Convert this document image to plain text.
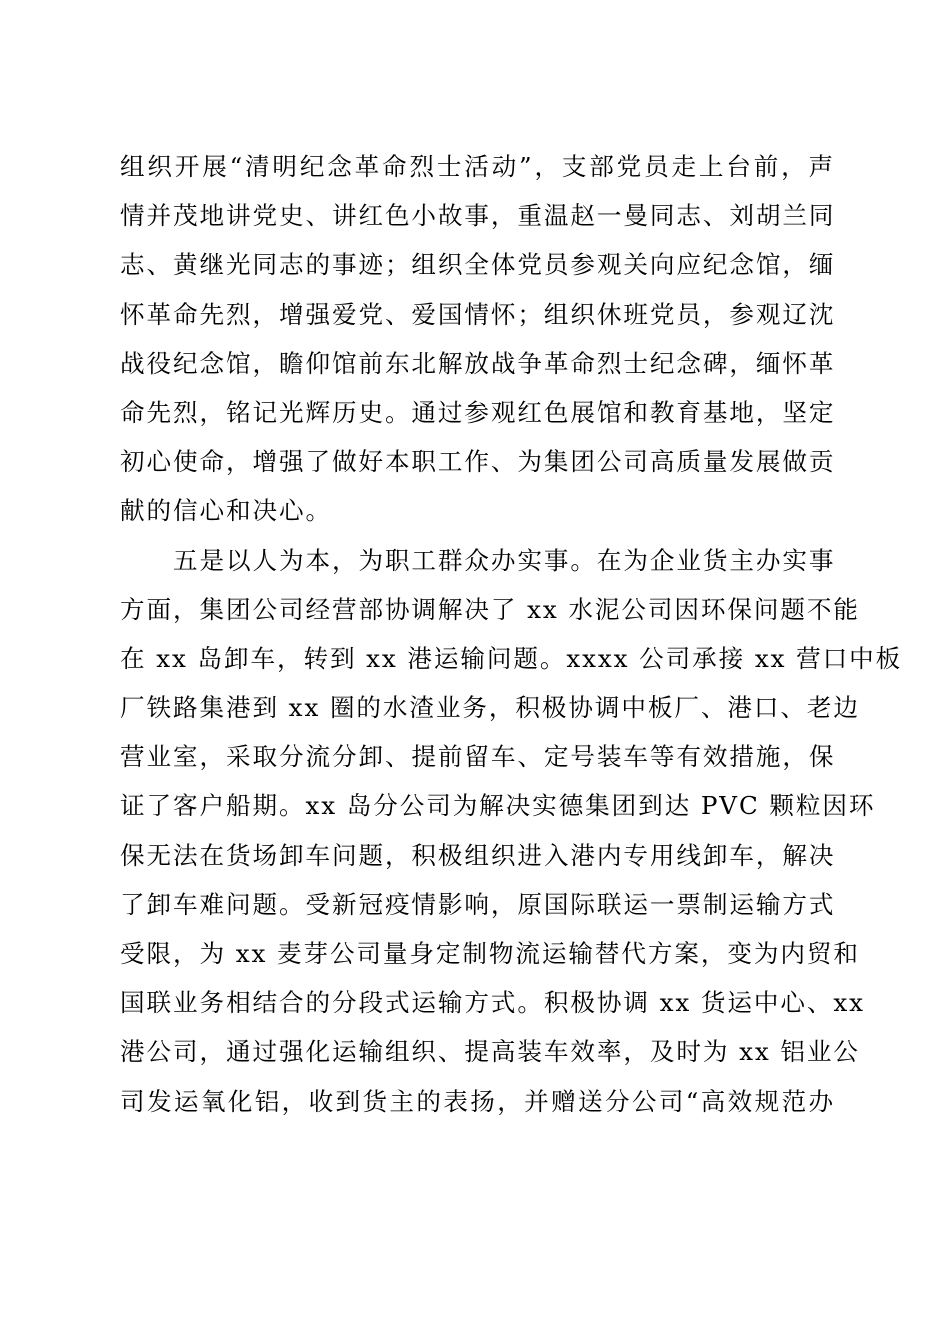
组织开展“清明纪念革命烈士活动”，支部党员走上台前，声
情并茂地讲党史、讲红色小故事，重温赵一曼同志、刘胡兰同
志、黄继光同志的事迹；组织全体党员参观关向应纪念馆，缅
怀革命先烈，增强爱党、爱国情怀；组织休班党员，参观辽沈
战役纪念馆，瞻仰馆前东北解放战争革命烈士纪念碑，缅怀革
命先烈，铭记光辉历史。通过参观红色展馆和教育基地，坚定
初心使命，增强了做好本职工作、为集团公司高质量发展做贡
献的信心和决心。
　　五是以人为本，为职工群众办实事。在为企业货主办实事
方面，集团公司经营部协调解决了 xx 水泥公司因环保问题不能
在 xx 岛卸车，转到 xx 港运输问题。xxxx 公司承接 xx 营口中板
厂铁路集港到 xx 圈的水渣业务，积极协调中板厂、港口、老边
营业室，采取分流分卸、提前留车、定号装车等有效措施，保
证了客户船期。xx 岛分公司为解决实德集团到达 PVC 颗粒因环
保无法在货场卸车问题，积极组织进入港内专用线卸车，解决
了卸车难问题。受新冠疫情影响，原国际联运一票制运输方式
受限，为 xx 麦芽公司量身定制物流运输替代方案，变为内贸和
国联业务相结合的分段式运输方式。积极协调 xx 货运中心、xx
港公司，通过强化运输组织、提高装车效率，及时为 xx 铝业公
司发运氧化铝，收到货主的表扬，并赠送分公司“高效规范办
